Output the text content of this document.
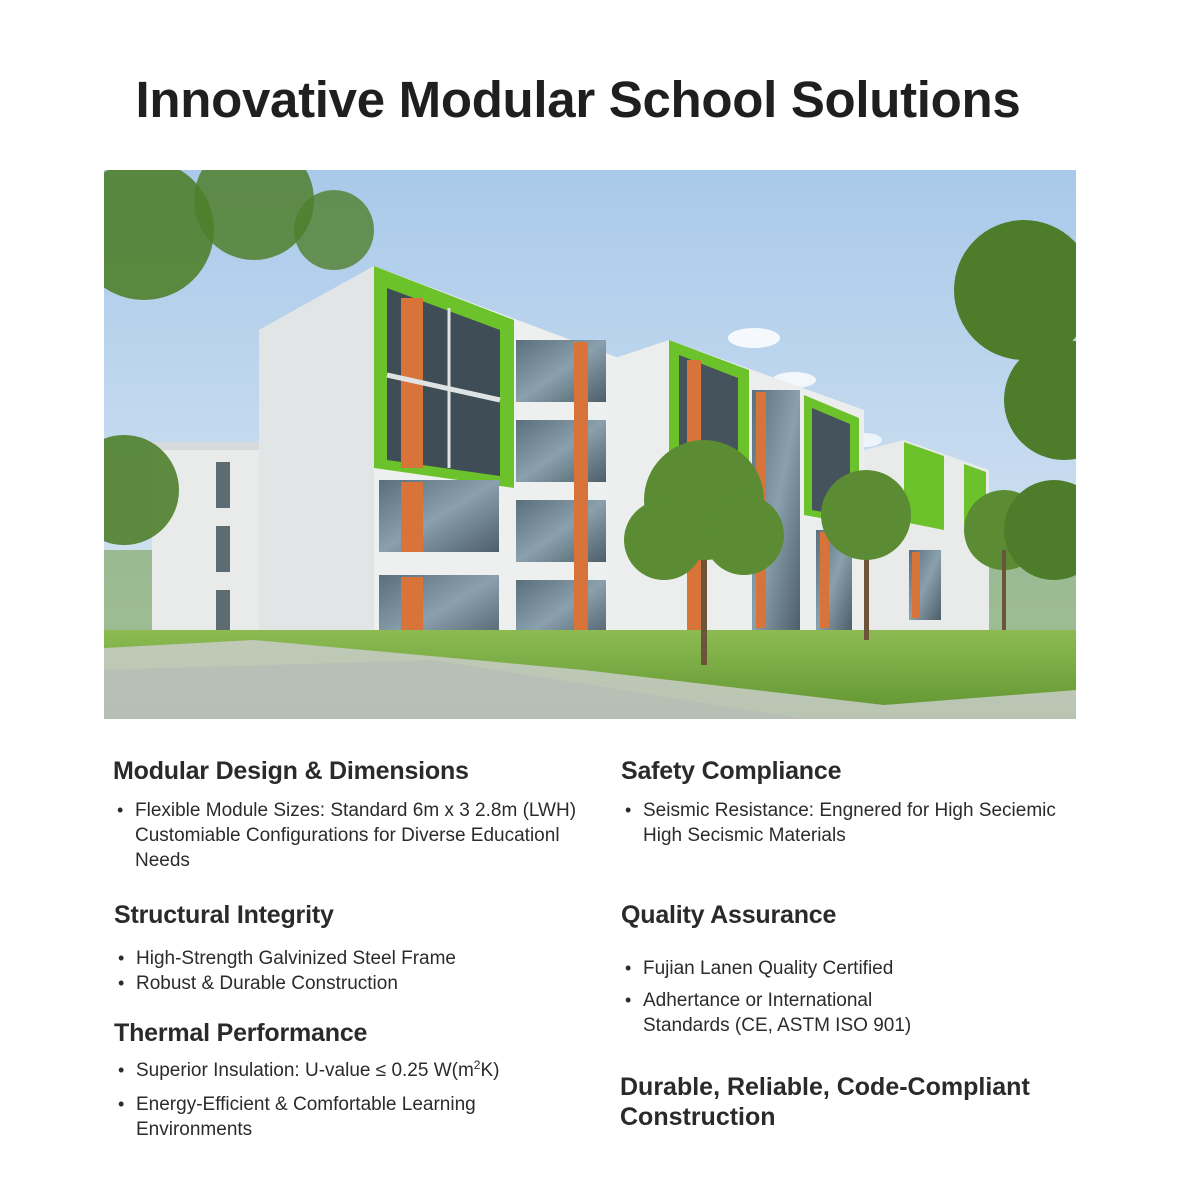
Innovative Modular School Solutions
Modular Design & Dimensions
• Flexible Module Sizes: Standard 6m x 3 2.8m (LWH)
Customiable Configurations for Diverse Educationl
Needs
Safety Compliance
• Seismic Resistance: Engnered for High Seciemic
High Secismic Materials
Structural Integrity
• High-Strength Galvinized Steel Frame
• Robust & Durable Construction
Quality Assurance
• Fujian Lanen Quality Certified
• Adhertance or International
Standards (CE, ASTM ISO 901)
Thermal Performance
• Superior Insulation: U-value ≤ 0.25 $W(m^2K)$
• Energy-Efficient & Comfortable Learning
Environments
Durable, Reliable, Code-Compliant Construction
